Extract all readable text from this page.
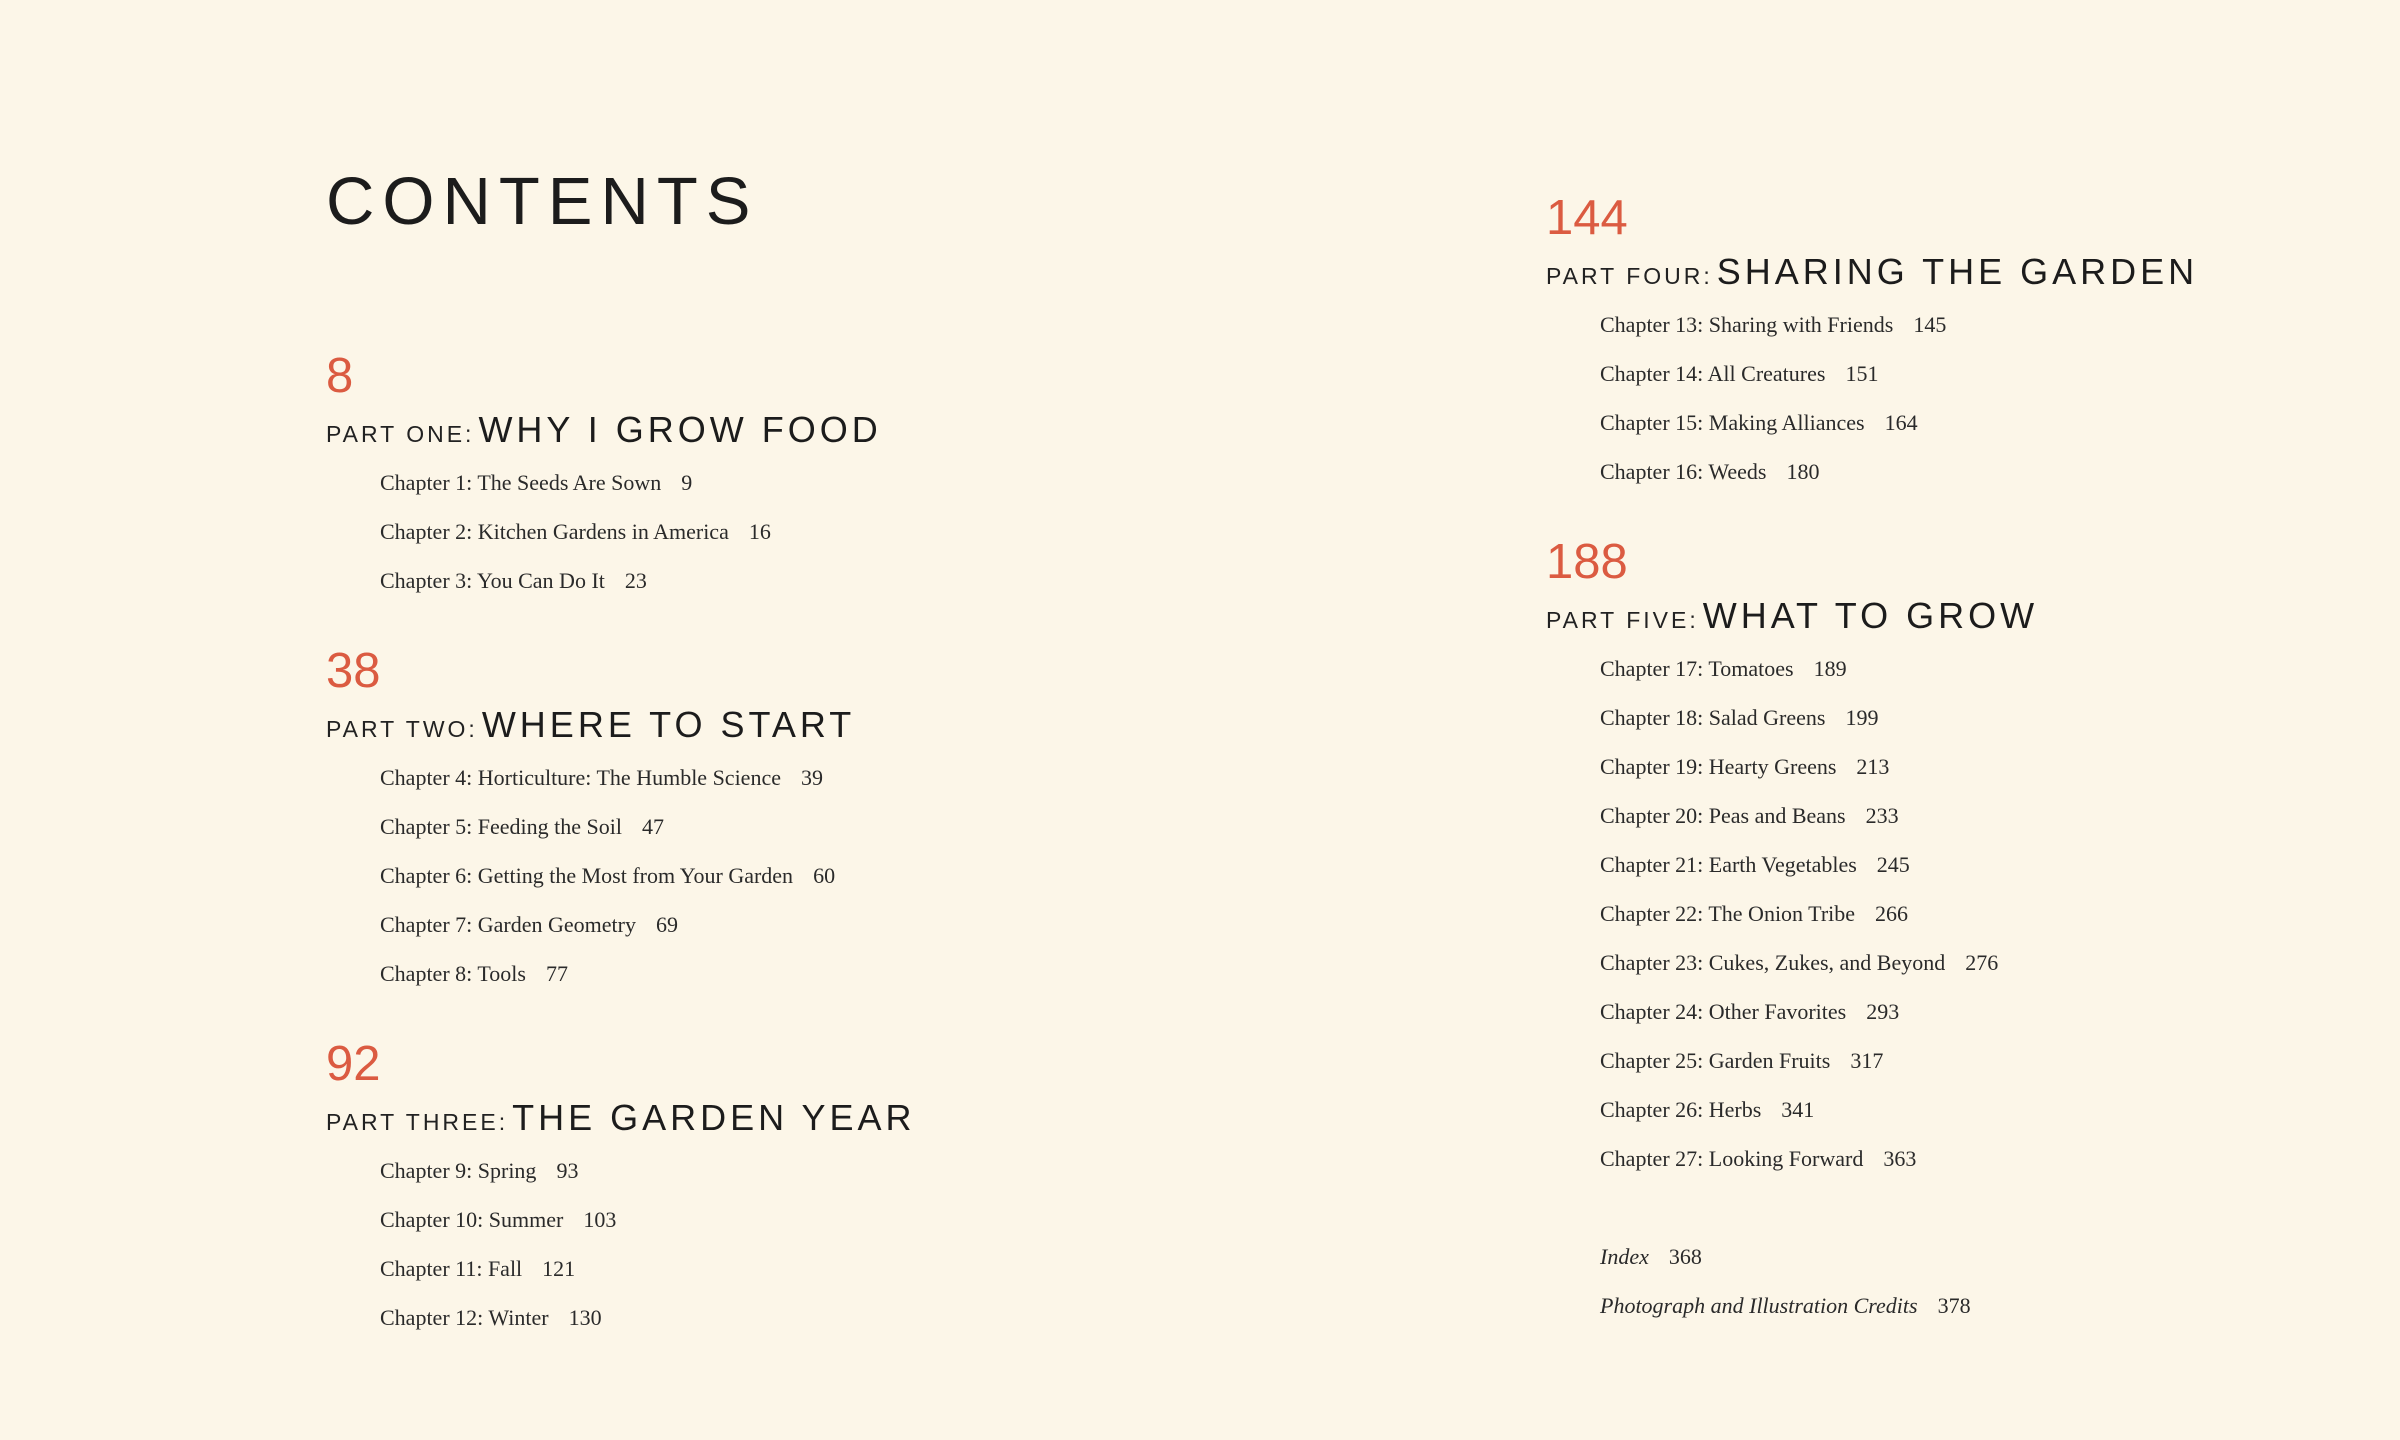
CONTENTS
8
PART ONE: WHY I GROW FOOD
Chapter 1: The Seeds Are Sown 9
Chapter 2: Kitchen Gardens in America 16
Chapter 3: You Can Do It 23
38
PART TWO: WHERE TO START
Chapter 4: Horticulture: The Humble Science 39
Chapter 5: Feeding the Soil 47
Chapter 6: Getting the Most from Your Garden 60
Chapter 7: Garden Geometry 69
Chapter 8: Tools 77
92
PART THREE: THE GARDEN YEAR
Chapter 9: Spring 93
Chapter 10: Summer 103
Chapter 11: Fall 121
Chapter 12: Winter 130
144
PART FOUR: SHARING THE GARDEN
Chapter 13: Sharing with Friends 145
Chapter 14: All Creatures 151
Chapter 15: Making Alliances 164
Chapter 16: Weeds 180
188
PART FIVE: WHAT TO GROW
Chapter 17: Tomatoes 189
Chapter 18: Salad Greens 199
Chapter 19: Hearty Greens 213
Chapter 20: Peas and Beans 233
Chapter 21: Earth Vegetables 245
Chapter 22: The Onion Tribe 266
Chapter 23: Cukes, Zukes, and Beyond 276
Chapter 24: Other Favorites 293
Chapter 25: Garden Fruits 317
Chapter 26: Herbs 341
Chapter 27: Looking Forward 363
Index 368
Photograph and Illustration Credits 378
